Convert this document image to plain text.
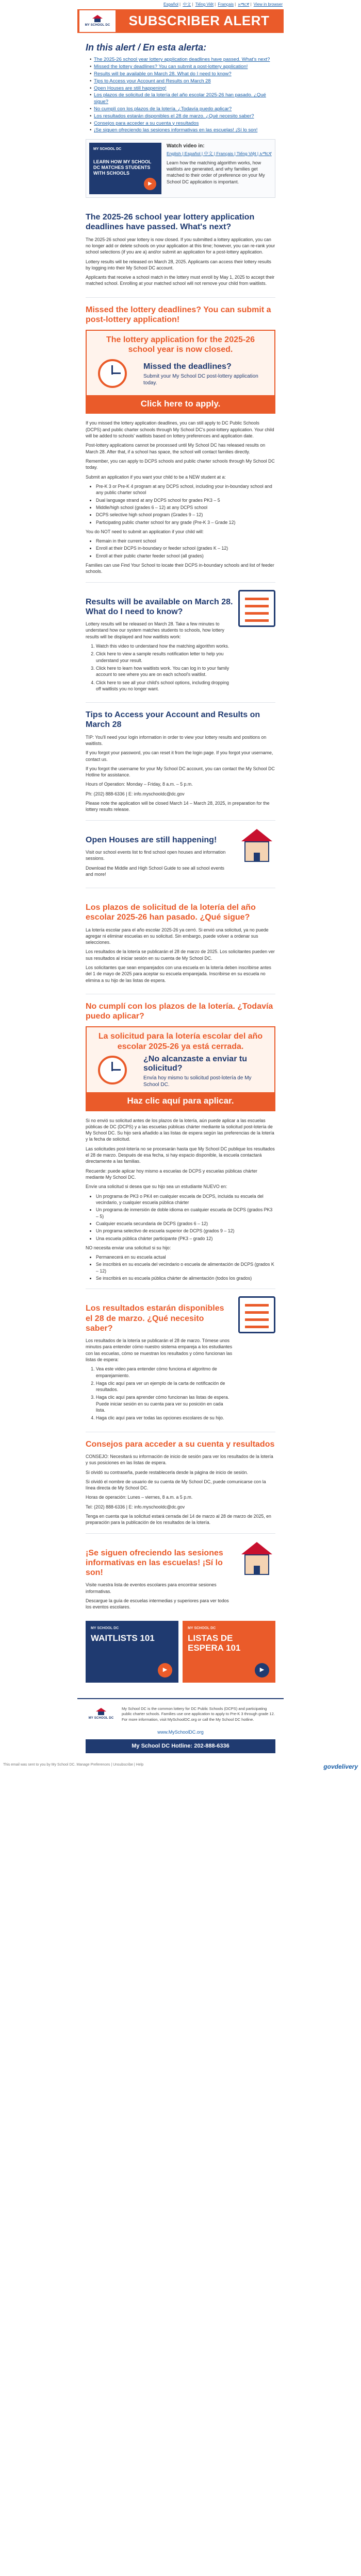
Español | 中文 | Tiếng Việt | Français | አማርኛ | View in browser
MY SCHOOL DC	SUBSCRIBER ALERT
In this alert / En esta alerta:
• The 2025-26 school year lottery application deadlines have passed. What's next?
• Missed the lottery deadlines? You can submit a post-lottery application!
• Results will be available on March 28. What do I need to know?
• Tips to Access your Account and Results on March 28
• Open Houses are still happening!
• Los plazos de solicitud de la lotería del año escolar 2025-26 han pasado. ¿Qué sigue?
• No cumplí con los plazos de la lotería. ¿Todavía puedo aplicar?
• Los resultados estarán disponibles el 28 de marzo. ¿Qué necesito saber?
• Consejos para acceder a su cuenta y resultados
• ¡Se siguen ofreciendo las sesiones informativas en las escuelas! ¡Sí lo son!
MY SCHOOL DC
LEARN HOW MY SCHOOL DC MATCHES STUDENTS WITH SCHOOLS
▶
Watch video in:
English | Español | 中文 | Français | Tiếng Việt | አማርኛ
Learn how the matching algorithm works, how waitlists are generated, and why families get matched to their order of preference on your My School DC application is important.
The 2025-26 school year lottery application deadlines have passed. What's next?

The 2025-26 school year lottery is now closed. If you submitted a lottery application, you can no longer add or delete schools on your application at this time; however, you can re-rank your school selections (if you are a) and/or submit an application for a post-lottery application.

Lottery results will be released on March 28, 2025. Applicants can access their lottery results by logging into their My School DC account.

Applicants that receive a school match in the lottery must enroll by May 1, 2025 to accept their matched school. Enrolling at your matched school will not remove your child from waitlists.

Missed the lottery deadlines? You can submit a post-lottery application!
The lottery application for the 2025-26 school year is now closed.
Missed the deadlines?
Submit your My School DC post-lottery application today.
Click here to apply.

If you missed the lottery application deadlines, you can still apply to DC Public Schools (DCPS) and public charter schools through My School DC's post-lottery application. Your child will be added to schools' waitlists based on lottery preferences and application date.

Post-lottery applications cannot be processed until My School DC has released results on March 28. After that, if a school has space, the school will contact families directly.

Remember, you can apply to DCPS schools and public charter schools through My School DC today.

Submit an application if you want your child to be a NEW student at a:

• Pre-K 3 or Pre-K 4 program at any DCPS school, including your in-boundary school and any public charter school
• Dual language strand at any DCPS school for grades PK3 – 5
• Middle/high school (grades 6 – 12) at any DCPS school
• DCPS selective high school program (Grades 9 – 12)
• Participating public charter school for any grade (Pre-K 3 – Grade 12)

You do NOT need to submit an application if your child will:

• Remain in their current school
• Enroll at their DCPS in-boundary or feeder school (grades K – 12)
• Enroll at their public charter feeder school (all grades)

Families can use Find Your School to locate their DCPS in-boundary schools and list of feeder schools.

Results will be available on March 28. What do I need to know?

Lottery results will be released on March 28. Take a few minutes to understand how our system matches students to schools, how lottery results will be displayed and how waitlists work:

1. Watch this video to understand how the matching algorithm works.
2. Click here to view a sample results notification letter to help you understand your result.
3. Click here to learn how waitlists work. You can log in to your family account to see where you are on each school's waitlist.
4. Click here to see all your child's school options, including dropping off waitlists you no longer want.
Tips to Access your Account and Results on March 28

TIP: You'll need your login information in order to view your lottery results and positions on waitlists.

If you forgot your password, you can reset it from the login page. If you forgot your username, contact us.

If you forgot the username for your My School DC account, you can contact the My School DC Hotline for assistance.

Hours of Operation: Monday – Friday, 8 a.m. – 5 p.m.

Ph: (202) 888-6336 | E: info.myschooldc@dc.gov

Please note the application will be closed March 14 – March 28, 2025, in preparation for the lottery results release.

Open Houses are still happening!

Visit our school events list to find school open houses and information sessions.

Download the Middle and High School Guide to see all school events and more!

Los plazos de solicitud de la lotería del año escolar 2025-26 han pasado. ¿Qué sigue?

La lotería escolar para el año escolar 2025-26 ya cerró. Si envió una solicitud, ya no puede agregar ni eliminar escuelas en su solicitud. Sin embargo, puede volver a ordenar sus selecciones.

Los resultados de la lotería se publicarán el 28 de marzo de 2025. Los solicitantes pueden ver sus resultados al iniciar sesión en su cuenta de My School DC.

Los solicitantes que sean emparejados con una escuela en la lotería deben inscribirse antes del 1 de mayo de 2025 para aceptar su escuela emparejada. Inscribirse en su escuela no elimina a su hijo de las listas de espera.

No cumplí con los plazos de la lotería. ¿Todavía puedo aplicar?
La solicitud para la lotería escolar del año escolar 2025-26 ya está cerrada.
¿No alcanzaste a enviar tu solicitud?
Envía hoy mismo tu solicitud post-lotería de My School DC.
Haz clic aquí para aplicar.

Si no envió su solicitud antes de los plazos de la lotería, aún puede aplicar a las escuelas públicas de DC (DCPS) y a las escuelas públicas chárter mediante la solicitud post-lotería de My School DC. Su hijo será añadido a las listas de espera según las preferencias de la lotería y la fecha de solicitud.

Las solicitudes post-lotería no se procesarán hasta que My School DC publique los resultados el 28 de marzo. Después de esa fecha, si hay espacio disponible, la escuela contactará directamente a las familias.

Recuerde: puede aplicar hoy mismo a escuelas de DCPS y escuelas públicas chárter mediante My School DC.

Envíe una solicitud si desea que su hijo sea un estudiante NUEVO en:

• Un programa de PK3 o PK4 en cualquier escuela de DCPS, incluida su escuela del vecindario, y cualquier escuela pública chárter
• Un programa de inmersión de doble idioma en cualquier escuela de DCPS (grados PK3 – 5)
• Cualquier escuela secundaria de DCPS (grados 6 – 12)
• Un programa selectivo de escuela superior de DCPS (grados 9 – 12)
• Una escuela pública chárter participante (PK3 – grado 12)

NO necesita enviar una solicitud si su hijo:

• Permanecerá en su escuela actual
• Se inscribirá en su escuela del vecindario o escuela de alimentación de DCPS (grados K – 12)
• Se inscribirá en su escuela pública chárter de alimentación (todos los grados)
Los resultados estarán disponibles el 28 de marzo. ¿Qué necesito saber?

Los resultados de la lotería se publicarán el 28 de marzo. Tómese unos minutos para entender cómo nuestro sistema empareja a los estudiantes con las escuelas, cómo se muestran los resultados y cómo funcionan las listas de espera:

1. Vea este video para entender cómo funciona el algoritmo de emparejamiento.
2. Haga clic aquí para ver un ejemplo de la carta de notificación de resultados.
3. Haga clic aquí para aprender cómo funcionan las listas de espera. Puede iniciar sesión en su cuenta para ver su posición en cada lista.
4. Haga clic aquí para ver todas las opciones escolares de su hijo.
Consejos para acceder a su cuenta y resultados

CONSEJO: Necesitará su información de inicio de sesión para ver los resultados de la lotería y sus posiciones en las listas de espera.

Si olvidó su contraseña, puede restablecerla desde la página de inicio de sesión.

Si olvidó el nombre de usuario de su cuenta de My School DC, puede comunicarse con la línea directa de My School DC.

Horas de operación: Lunes – viernes, 8 a.m. a 5 p.m.

Tel: (202) 888-6336 | E: info.myschooldc@dc.gov

Tenga en cuenta que la solicitud estará cerrada del 14 de marzo al 28 de marzo de 2025, en preparación para la publicación de los resultados de la lotería.

¡Se siguen ofreciendo las sesiones informativas en las escuelas! ¡Sí lo son!

Visite nuestra lista de eventos escolares para encontrar sesiones informativas.

Descargue la guía de escuelas intermedias y superiores para ver todos los eventos escolares.

MY SCHOOL DC
WAITLISTS 101
▶
MY SCHOOL DC
LISTAS DE ESPERA 101
▶
MY SCHOOL DC
My School DC is the common lottery for DC Public Schools (DCPS) and participating public charter schools. Families use one application to apply to Pre-K 3 through grade 12. For more information, visit MySchoolDC.org or call the My School DC hotline.
www.MySchoolDC.org
My School DC Hotline: 202-888-6336
This email was sent to you by My School DC. Manage Preferences | Unsubscribe | Help	govdelivery
